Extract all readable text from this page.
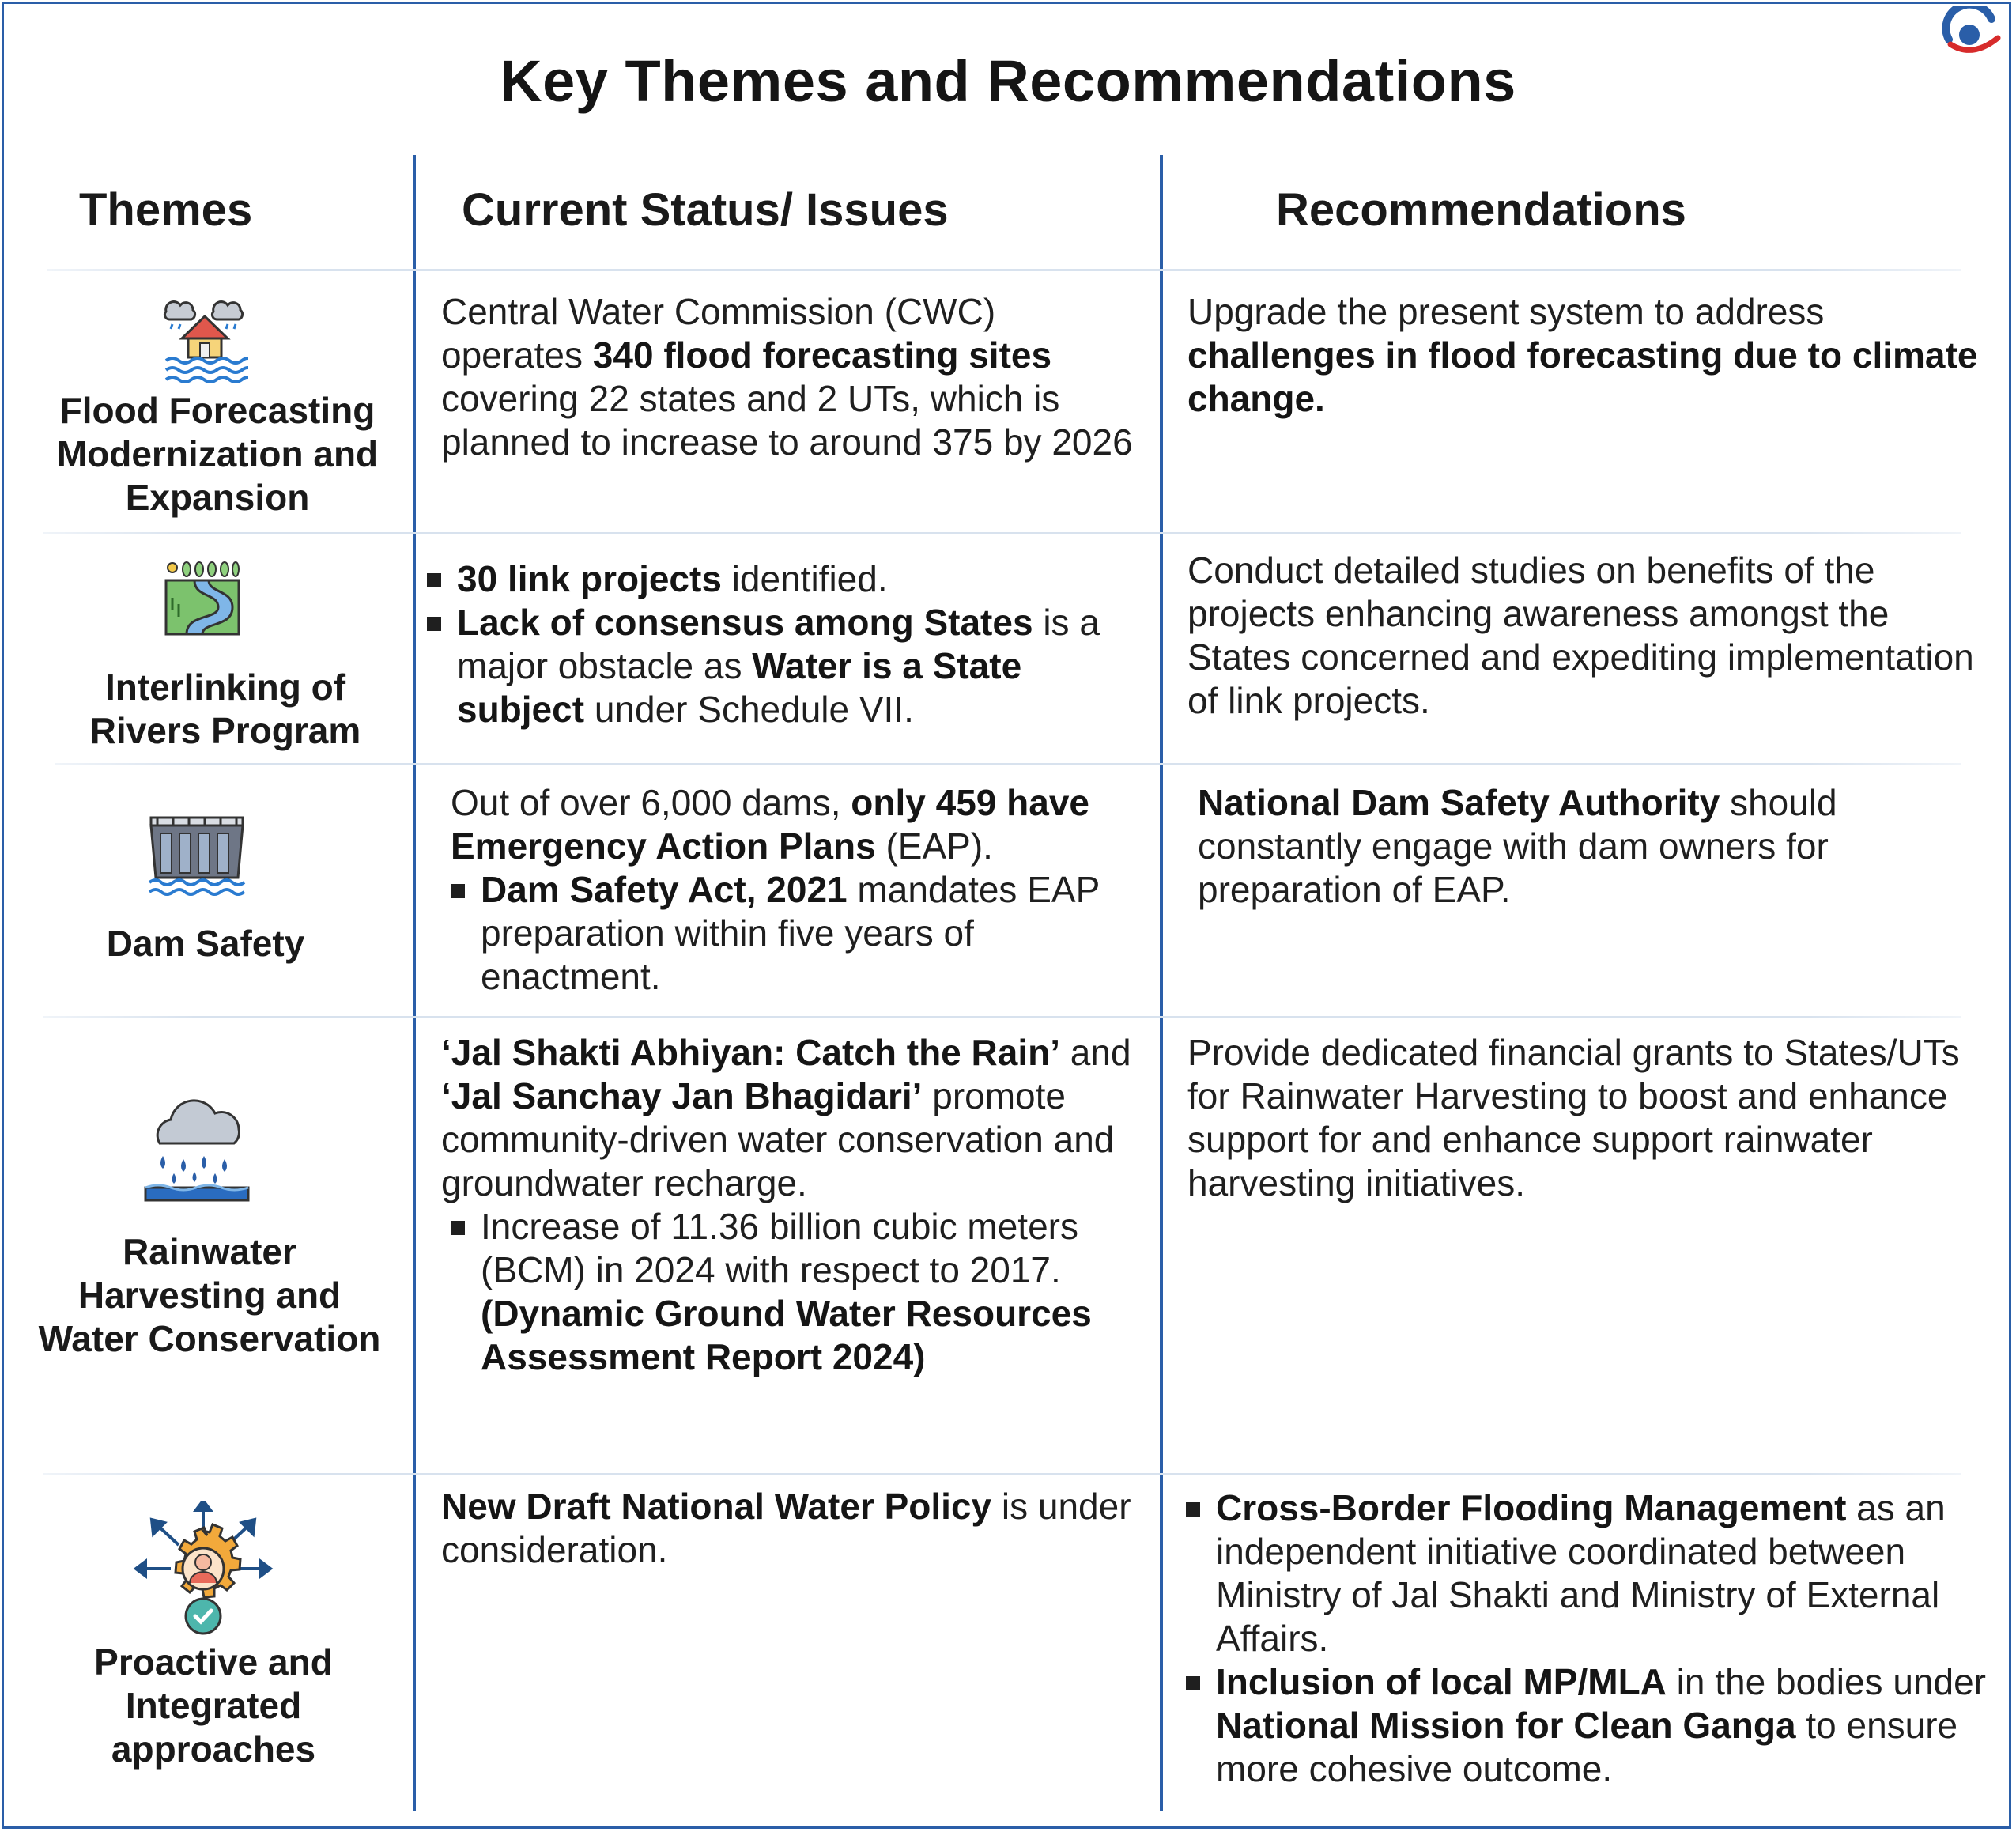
Key Themes and Recommendations
Themes	Current Status/ Issues	Recommendations
Flood Forecasting Modernization and Expansion
Central Water Commission (CWC) operates 340 flood forecasting sites covering 22 states and 2 UTs, which is planned to increase to around 375 by 2026
Upgrade the present system to address challenges in flood forecasting due to climate change.
Interlinking of Rivers Program

30 link projects identified.

Lack of consensus among States is a major obstacle as Water is a State subject under Schedule VII.

Conduct detailed studies on benefits of the projects enhancing awareness amongst the States concerned and expediting implementation of link projects.
Dam Safety

Out of over 6,000 dams, only 459 have Emergency Action Plans (EAP).

Dam Safety Act, 2021 mandates EAP preparation within five years of enactment.

National Dam Safety Authority should constantly engage with dam owners for preparation of EAP.
Rainwater Harvesting and Water Conservation

‘Jal Shakti Abhiyan: Catch the Rain’ and ‘Jal Sanchay Jan Bhagidari’ promote community-driven water conservation and groundwater recharge.

Increase of 11.36 billion cubic meters (BCM) in 2024 with respect to 2017. (Dynamic Ground Water Resources Assessment Report 2024)

Provide dedicated financial grants to States/UTs for Rainwater Harvesting to boost and enhance support for and enhance support rainwater harvesting initiatives.
Proactive and Integrated approaches
New Draft National Water Policy is under consideration.

Cross-Border Flooding Management as an independent initiative coordinated between Ministry of Jal Shakti and Ministry of External Affairs.

Inclusion of local MP/MLA in the bodies under National Mission for Clean Ganga to ensure more cohesive outcome.
